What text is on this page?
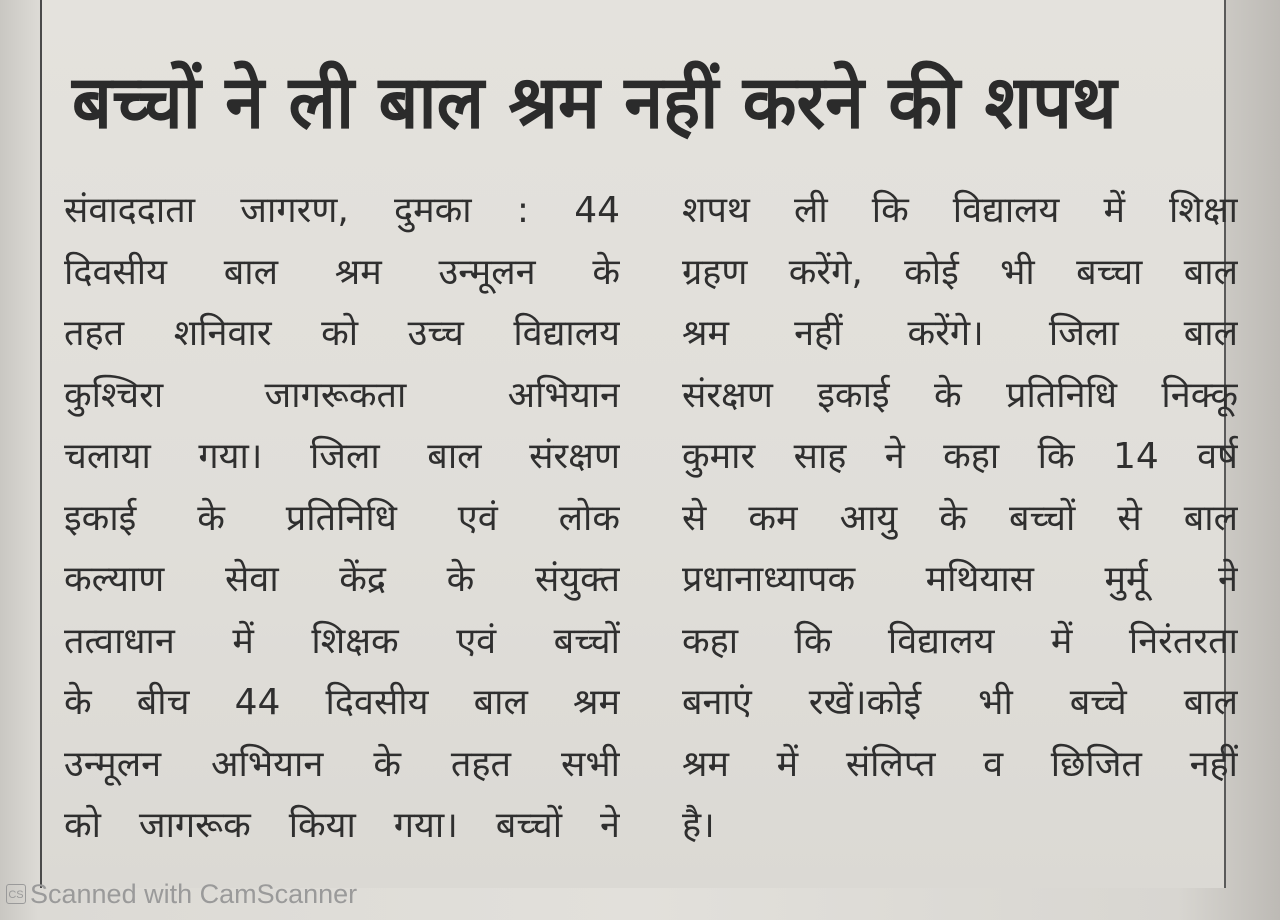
बच्चों ने ली बाल श्रम नहीं करने की शपथ
संवाददाता जागरण, दुमका : 44
दिवसीय बाल श्रम उन्मूलन के
तहत शनिवार को उच्च विद्यालय
कुश्चिरा जागरूकता अभियान
चलाया गया। जिला बाल संरक्षण
इकाई के प्रतिनिधि एवं लोक
कल्याण सेवा केंद्र के संयुक्त
तत्वाधान में शिक्षक एवं बच्चों
के बीच 44 दिवसीय बाल श्रम
उन्मूलन अभियान के तहत सभी
को जागरूक किया गया। बच्चों ने
शपथ ली कि विद्यालय में शिक्षा
ग्रहण करेंगे, कोई भी बच्चा बाल
श्रम नहीं करेंगे। जिला बाल
संरक्षण इकाई के प्रतिनिधि निक्कू
कुमार साह ने कहा कि 14 वर्ष
से कम आयु के बच्चों से बाल
प्रधानाध्यापक मथियास मुर्मू ने
कहा कि विद्यालय में निरंतरता
बनाएं रखें।कोई भी बच्चे बाल
श्रम में संलिप्त व छिजित नहीं
है।
CS Scanned with CamScanner
